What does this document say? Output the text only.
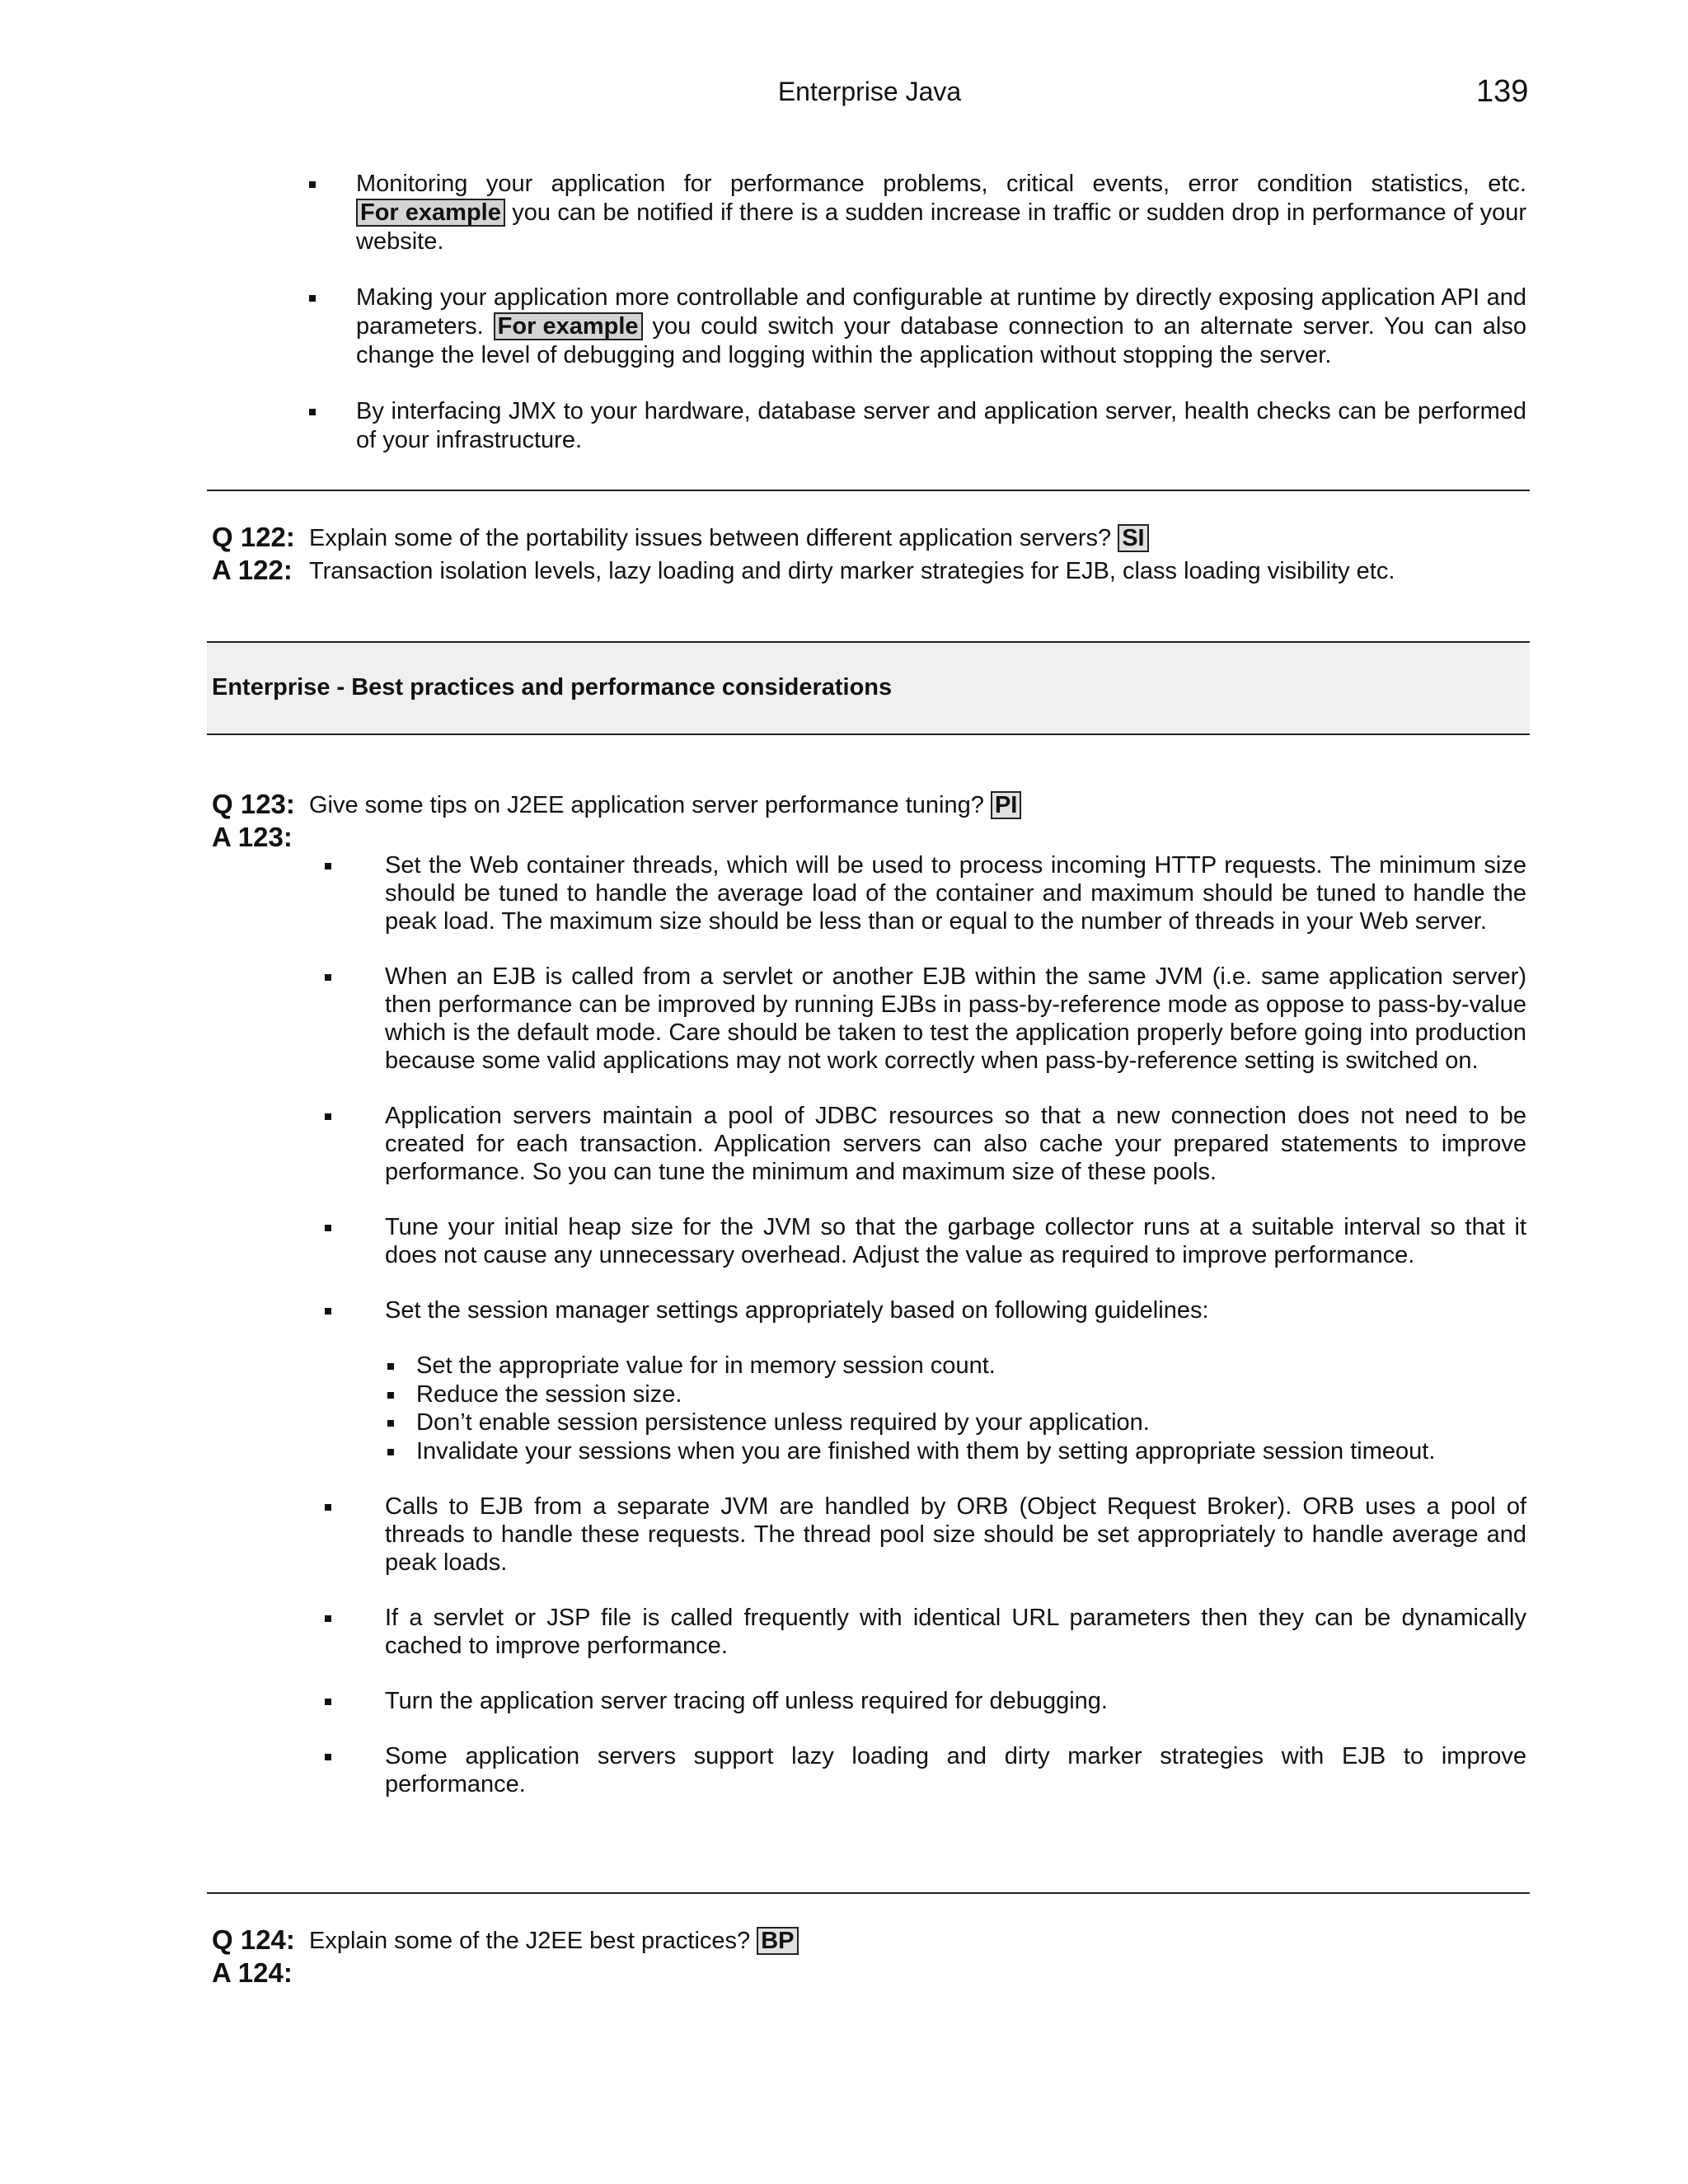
Enterprise Java	139
Monitoring your application for performance problems, critical events, error condition statistics, etc. For example you can be notified if there is a sudden increase in traffic or sudden drop in performance of your website.
Making your application more controllable and configurable at runtime by directly exposing application API and parameters. For example you could switch your database connection to an alternate server. You can also change the level of debugging and logging within the application without stopping the server.
By interfacing JMX to your hardware, database server and application server, health checks can be performed of your infrastructure.
Q 122: Explain some of the portability issues between different application servers? SI
A 122: Transaction isolation levels, lazy loading and dirty marker strategies for EJB, class loading visibility etc.
Enterprise - Best practices and performance considerations
Q 123: Give some tips on J2EE application server performance tuning? PI
A 123:
Set the Web container threads, which will be used to process incoming HTTP requests. The minimum size should be tuned to handle the average load of the container and maximum should be tuned to handle the peak load. The maximum size should be less than or equal to the number of threads in your Web server.
When an EJB is called from a servlet or another EJB within the same JVM (i.e. same application server) then performance can be improved by running EJBs in pass-by-reference mode as oppose to pass-by-value which is the default mode. Care should be taken to test the application properly before going into production because some valid applications may not work correctly when pass-by-reference setting is switched on.
Application servers maintain a pool of JDBC resources so that a new connection does not need to be created for each transaction. Application servers can also cache your prepared statements to improve performance. So you can tune the minimum and maximum size of these pools.
Tune your initial heap size for the JVM so that the garbage collector runs at a suitable interval so that it does not cause any unnecessary overhead. Adjust the value as required to improve performance.
Set the session manager settings appropriately based on following guidelines:
Set the appropriate value for in memory session count.
Reduce the session size.
Don’t enable session persistence unless required by your application.
Invalidate your sessions when you are finished with them by setting appropriate session timeout.
Calls to EJB from a separate JVM are handled by ORB (Object Request Broker). ORB uses a pool of threads to handle these requests. The thread pool size should be set appropriately to handle average and peak loads.
If a servlet or JSP file is called frequently with identical URL parameters then they can be dynamically cached to improve performance.
Turn the application server tracing off unless required for debugging.
Some application servers support lazy loading and dirty marker strategies with EJB to improve performance.
Q 124: Explain some of the J2EE best practices? BP
A 124:
